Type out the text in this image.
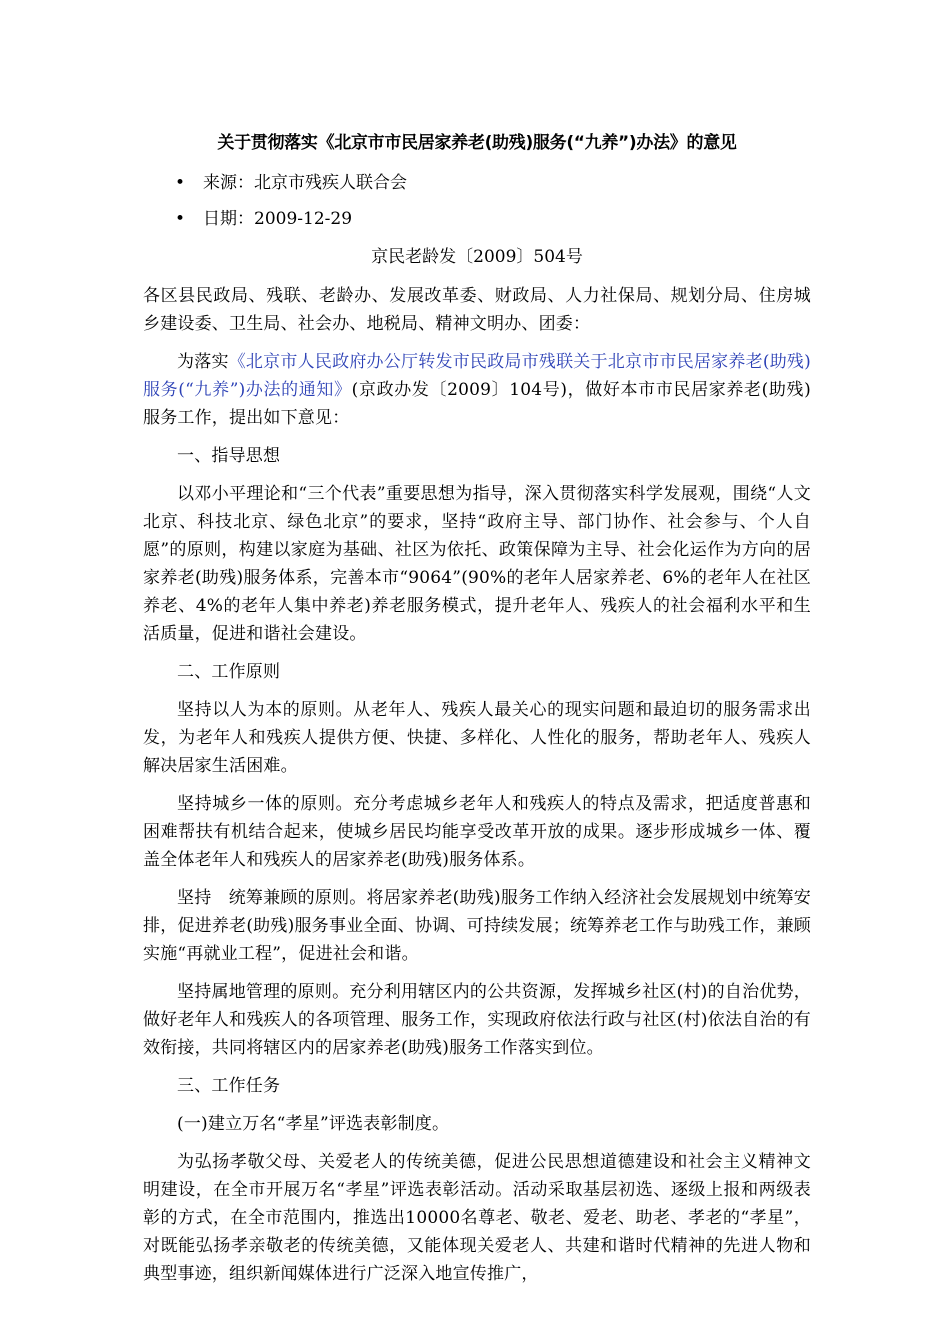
关于贯彻落实《北京市市民居家养老(助残)服务(“九养”)办法》的意见
• 来源：北京市残疾人联合会
• 日期：2009-12-29
京民老龄发〔2009〕504号

各区县民政局、残联、老龄办、发展改革委、财政局、人力社保局、规划分局、住房城乡建设委、卫生局、社会办、地税局、精神文明办、团委：

为落实《北京市人民政府办公厅转发市民政局市残联关于北京市市民居家养老(助残)服务(“九养”)办法的通知》(京政办发〔2009〕104号)，做好本市市民居家养老(助残)服务工作，提出如下意见：

一、指导思想

以邓小平理论和“三个代表”重要思想为指导，深入贯彻落实科学发展观，围绕“人文北京、科技北京、绿色北京”的要求，坚持“政府主导、部门协作、社会参与、个人自愿”的原则，构建以家庭为基础、社区为依托、政策保障为主导、社会化运作为方向的居家养老(助残)服务体系，完善本市“9064”(90%的老年人居家养老、6%的老年人在社区养老、4%的老年人集中养老)养老服务模式，提升老年人、残疾人的社会福利水平和生活质量，促进和谐社会建设。

二、工作原则

坚持以人为本的原则。从老年人、残疾人最关心的现实问题和最迫切的服务需求出发，为老年人和残疾人提供方便、快捷、多样化、人性化的服务，帮助老年人、残疾人解决居家生活困难。

坚持城乡一体的原则。充分考虑城乡老年人和残疾人的特点及需求，把适度普惠和困难帮扶有机结合起来，使城乡居民均能享受改革开放的成果。逐步形成城乡一体、覆盖全体老年人和残疾人的居家养老(助残)服务体系。

坚持　统筹兼顾的原则。将居家养老(助残)服务工作纳入经济社会发展规划中统筹安排，促进养老(助残)服务事业全面、协调、可持续发展；统筹养老工作与助残工作，兼顾实施“再就业工程”，促进社会和谐。

坚持属地管理的原则。充分利用辖区内的公共资源，发挥城乡社区(村)的自治优势，做好老年人和残疾人的各项管理、服务工作，实现政府依法行政与社区(村)依法自治的有效衔接，共同将辖区内的居家养老(助残)服务工作落实到位。

三、工作任务

(一)建立万名“孝星”评选表彰制度。

为弘扬孝敬父母、关爱老人的传统美德，促进公民思想道德建设和社会主义精神文明建设，在全市开展万名“孝星”评选表彰活动。活动采取基层初选、逐级上报和两级表彰的方式，在全市范围内，推选出10000名尊老、敬老、爱老、助老、孝老的“孝星”，对既能弘扬孝亲敬老的传统美德，又能体现关爱老人、共建和谐时代精神的先进人物和典型事迹，组织新闻媒体进行广泛深入地宣传推广，
